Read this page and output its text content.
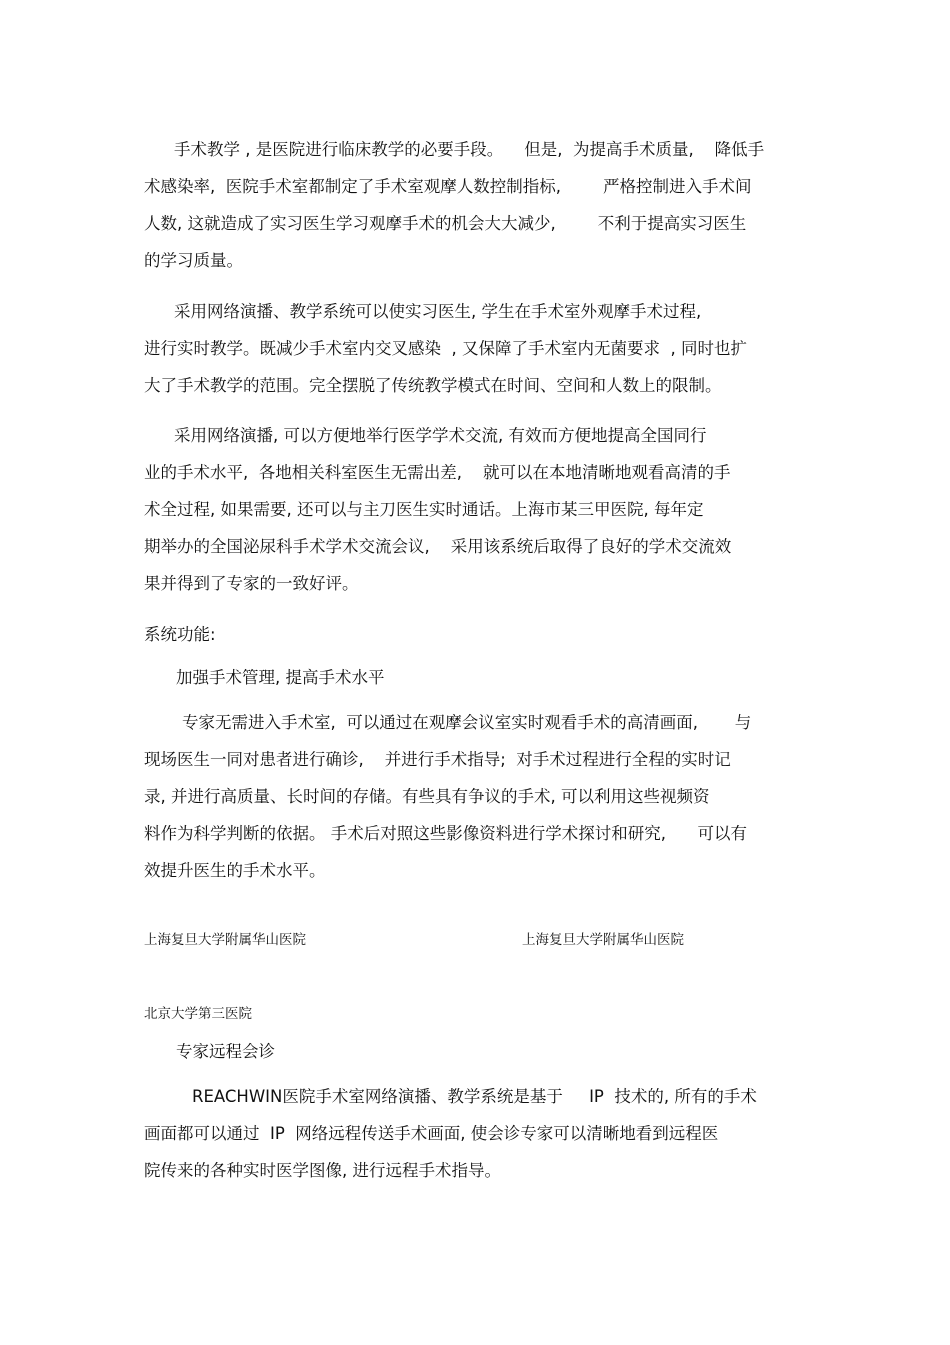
手术教学 , 是医院进行临床教学的必要手段。    但是,  为提高手术质量,    降低手
术感染率,  医院手术室都制定了手术室观摩人数控制指标,        严格控制进入手术间
人数, 这就造成了实习医生学习观摩手术的机会大大减少,        不利于提高实习医生
的学习质量。
采用网络演播、教学系统可以使实习医生, 学生在手术室外观摩手术过程,
进行实时教学。既减少手术室内交叉感染  , 又保障了手术室内无菌要求  , 同时也扩
大了手术教学的范围。完全摆脱了传统教学模式在时间、空间和人数上的限制。
采用网络演播, 可以方便地举行医学学术交流, 有效而方便地提高全国同行
业的手术水平,  各地相关科室医生无需出差,    就可以在本地清晰地观看高清的手
术全过程, 如果需要, 还可以与主刀医生实时通话。上海市某三甲医院, 每年定
期举办的全国泌尿科手术学术交流会议,    采用该系统后取得了良好的学术交流效
果并得到了专家的一致好评。
系统功能:
加强手术管理, 提高手术水平
专家无需进入手术室,  可以通过在观摩会议室实时观看手术的高清画面,       与
现场医生一同对患者进行确诊,    并进行手术指导;  对手术过程进行全程的实时记
录, 并进行高质量、长时间的存储。有些具有争议的手术, 可以利用这些视频资
料作为科学判断的依据。 手术后对照这些影像资料进行学术探讨和研究,      可以有
效提升医生的手术水平。
上海复旦大学附属华山医院	上海复旦大学附属华山医院
北京大学第三医院
专家远程会诊
REACHWIN医院手术室网络演播、教学系统是基于     IP  技术的, 所有的手术
画面都可以通过  IP  网络远程传送手术画面, 使会诊专家可以清晰地看到远程医
院传来的各种实时医学图像, 进行远程手术指导。
